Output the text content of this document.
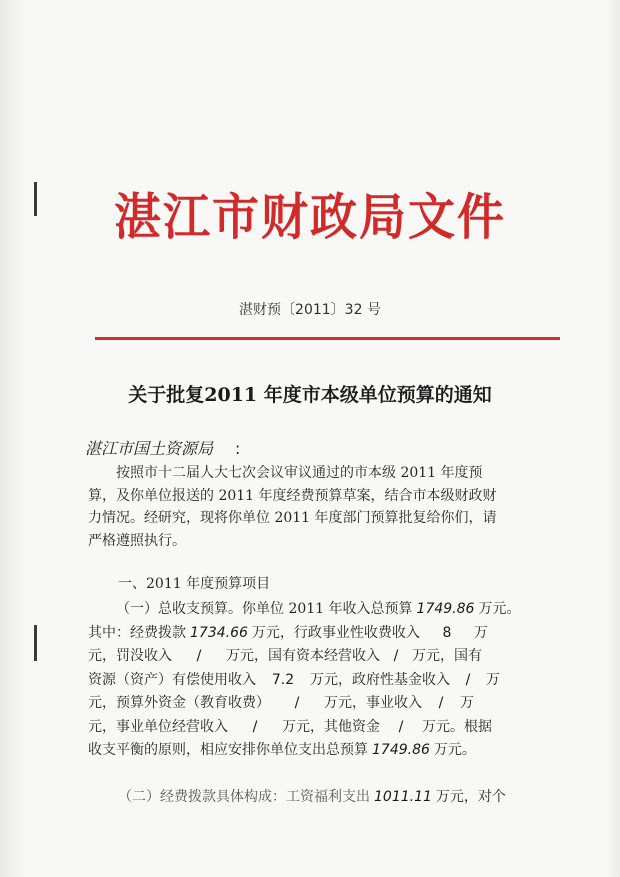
湛江市财政局文件
湛财预〔2011〕32 号
关于批复2011 年度市本级单位预算的通知
湛江市国土资源局 :
按照市十二届人大七次会议审议通过的市本级 2011 年度预
算，及你单位报送的 2011 年度经费预算草案，结合市本级财政财
力情况。经研究，现将你单位 2011 年度部门预算批复给你们，请
严格遵照执行。
一、2011 年度预算项目
（一）总收支预算。你单位 2011 年收入总预算 1749.86 万元。
其中：经费拨款 1734.66 万元，行政事业性收费收入 8 万
元，罚没收入 / 万元，国有资本经营收入 / 万元，国有
资源（资产）有偿使用收入 7.2 万元，政府性基金收入 / 万
元，预算外资金（教育收费） / 万元，事业收入 / 万
元，事业单位经营收入 / 万元，其他资金 / 万元。根据
收支平衡的原则，相应安排你单位支出总预算 1749.86 万元。
（二）经费拨款具体构成：工资福利支出 1011.11 万元，对个
